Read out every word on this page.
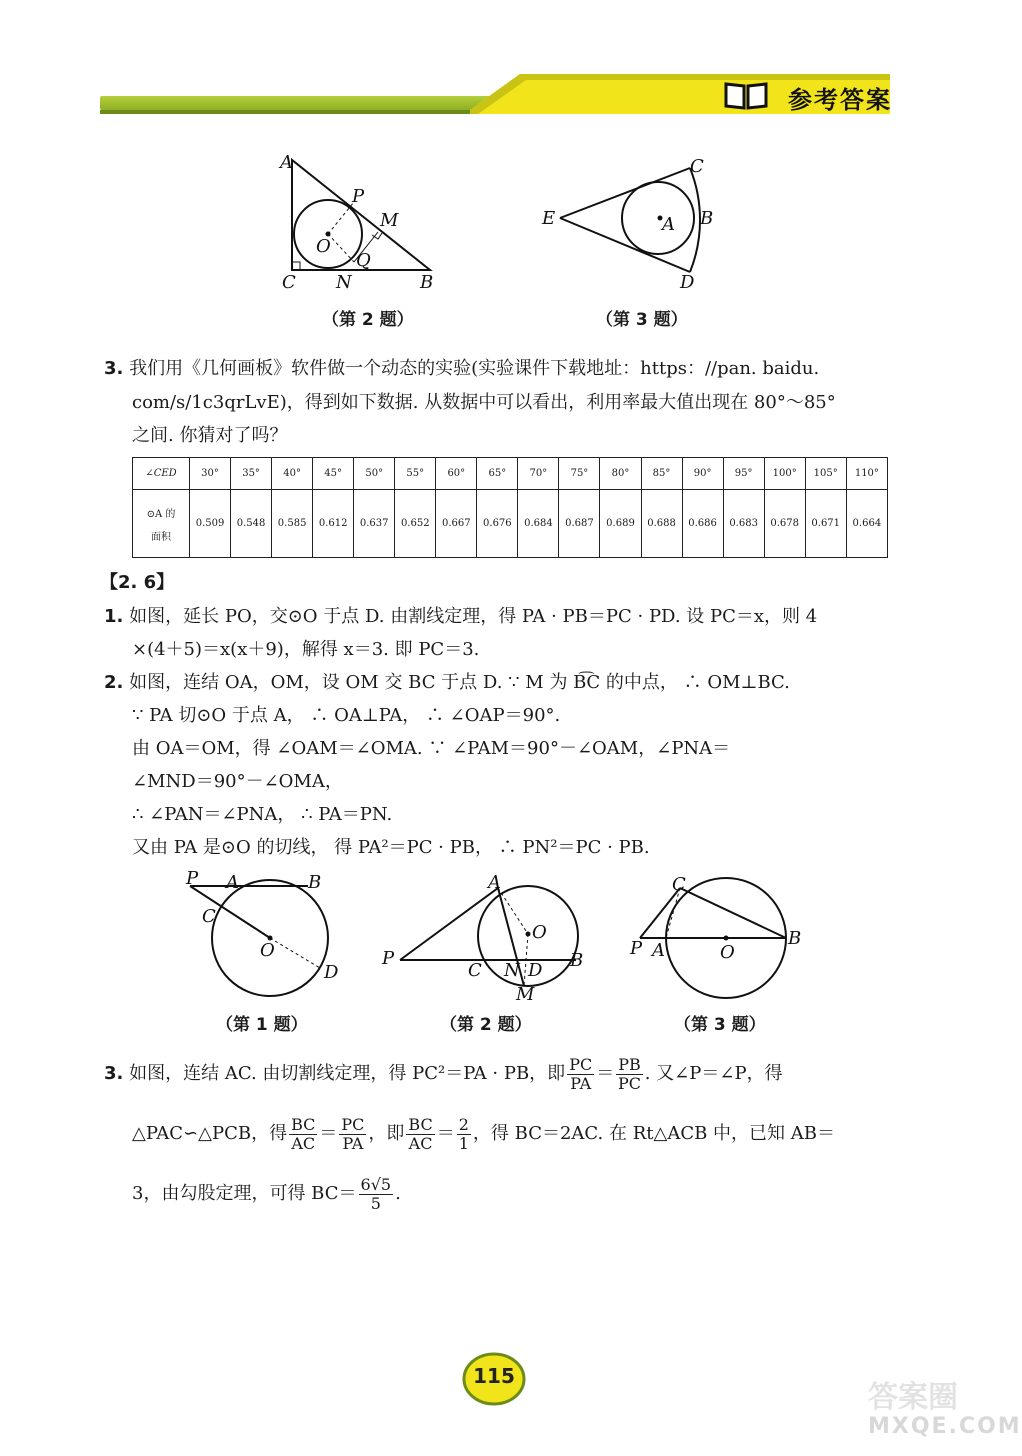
参考答案
A
P
M
O
Q
C N	B
（第 2 题）
C
E	A B
D
（第 3 题）
3. 我们用《几何画板》软件做一个动态的实验(实验课件下载地址：https：//pan. baidu.
com/s/1c3qrLvE)，得到如下数据. 从数据中可以看出，利用率最大值出现在 80°～85°
之间. 你猜对了吗？
∠CED	30°	35°	40°	45°	50°	55°	60°	65°	70°	75°	80°	85°	90°	95°	100°	105°	110°

⊙A 的
面积	0.509	0.548	0.585	0.612	0.637	0.652	0.667	0.676	0.684	0.687	0.689	0.688	0.686	0.683	0.678	0.671	0.664
【2. 6】
1. 如图，延长 PO，交⊙O 于点 D. 由割线定理，得 PA · PB＝PC · PD. 设 PC＝x，则 4
×(4＋5)＝x(x＋9)，解得 x＝3. 即 PC＝3.
2. 如图，连结 OA，OM，设 OM 交 BC 于点 D. ∵ M 为 B͡C 的中点， ∴ OM⊥BC.
∵ PA 切⊙O 于点 A， ∴ OA⊥PA， ∴ ∠OAP＝90°.
由 OA＝OM，得 ∠OAM＝∠OMA. ∵ ∠PAM＝90°－∠OAM，∠PNA＝
∠MND＝90°－∠OMA，
∴ ∠PAN＝∠PNA， ∴ PA＝PN.
又由 PA 是⊙O 的切线， 得 PA²＝PC · PB， ∴ PN²＝PC · PB.
P A	B
C
O
D
（第 1 题）
A
O
P
C N D B
M
（第 2 题）
C
P A	O
B
（第 3 题）
3. 如图，连结 AC. 由切割线定理，得 PC²＝PA · PB，即 $\frac{PC}{PA} = \frac{PB}{PC}$ . 又∠P＝∠P，得
△PAC∽△PCB，得 $\frac{BC}{AC} = \frac{PC}{PA}$ ，即 $\frac{BC}{AC} = \frac{2}{1}$ ，得 BC＝2AC. 在 Rt△ACB 中，已知 AB＝
3，由勾股定理，可得 $BC= \frac{6√5}{5}$ .
115
答案圈
MXQE.COM
